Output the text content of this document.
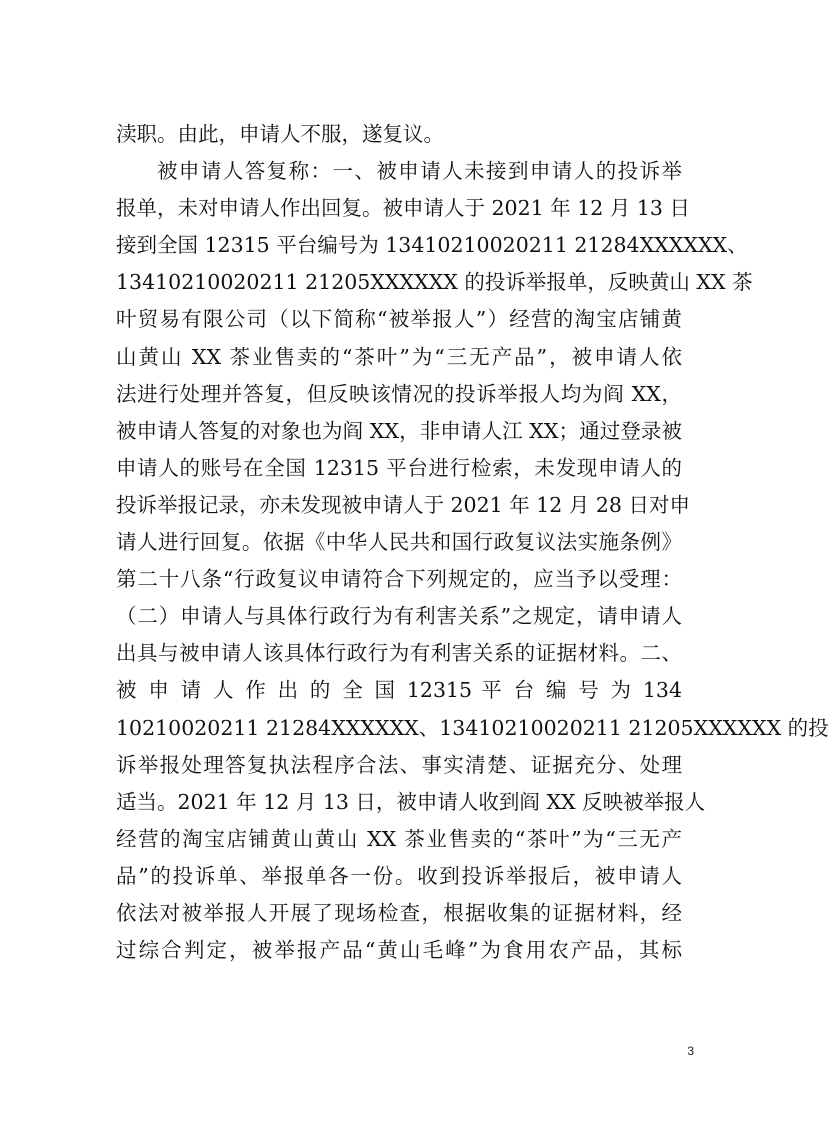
渎职。由此，申请人不服，遂复议。
被申请人答复称：一、被申请人未接到申请人的投诉举
报单，未对申请人作出回复。被申请人于 2021 年 12 月 13 日
接到全国 12315 平台编号为 13410210020211 21284XXXXXX、
13410210020211 21205XXXXXX 的投诉举报单，反映黄山 XX 茶
叶贸易有限公司（以下简称“被举报人”）经营的淘宝店铺黄
山黄山 XX 茶业售卖的“茶叶”为“三无产品”，被申请人依
法进行处理并答复，但反映该情况的投诉举报人均为阎 XX，
被申请人答复的对象也为阎 XX，非申请人江 XX；通过登录被
申请人的账号在全国 12315 平台进行检索，未发现申请人的
投诉举报记录，亦未发现被申请人于 2021 年 12 月 28 日对申
请人进行回复。依据《中华人民共和国行政复议法实施条例》
第二十八条“行政复议申请符合下列规定的，应当予以受理：
（二）申请人与具体行政行为有利害关系”之规定，请申请人
出具与被申请人该具体行政行为有利害关系的证据材料。二、
被 申 请 人 作 出 的 全 国 12315 平 台 编 号 为 134
10210020211 21284XXXXXX、13410210020211 21205XXXXXX 的投
诉举报处理答复执法程序合法、事实清楚、证据充分、处理
适当。2021 年 12 月 13 日，被申请人收到阎 XX 反映被举报人
经营的淘宝店铺黄山黄山 XX 茶业售卖的“茶叶”为“三无产
品”的投诉单、举报单各一份。收到投诉举报后，被申请人
依法对被举报人开展了现场检查，根据收集的证据材料，经
过综合判定，被举报产品“黄山毛峰”为食用农产品，其标
3
